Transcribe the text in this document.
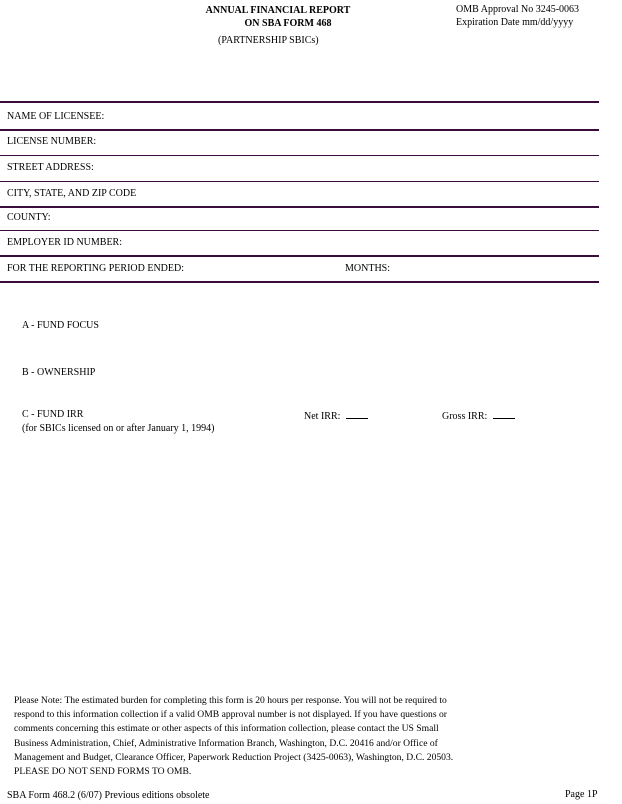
ANNUAL FINANCIAL REPORT
ON SBA FORM 468
(PARTNERSHIP SBICs)
OMB Approval No 3245-0063
Expiration Date mm/dd/yyyy
NAME OF LICENSEE:
LICENSE NUMBER:
STREET ADDRESS:
CITY, STATE, AND ZIP CODE
COUNTY:
EMPLOYER ID NUMBER:
FOR THE REPORTING PERIOD ENDED:	MONTHS:
A - FUND FOCUS
B - OWNERSHIP
C - FUND IRR
(for SBICs licensed on or after January 1, 1994)
Net IRR:	Gross IRR:
Please Note: The estimated burden for completing this form is 20 hours per response. You will not be required to
respond to this information collection if a valid OMB approval number is not displayed. If you have questions or
comments concerning this estimate or other aspects of this information collection, please contact the US Small
Business Administration, Chief, Administrative Information Branch, Washington, D.C. 20416 and/or Office of
Management and Budget, Clearance Officer, Paperwork Reduction Project (3425-0063), Washington, D.C. 20503.
PLEASE DO NOT SEND FORMS TO OMB.
SBA Form 468.2 (6/07) Previous editions obsolete	Page 1P
